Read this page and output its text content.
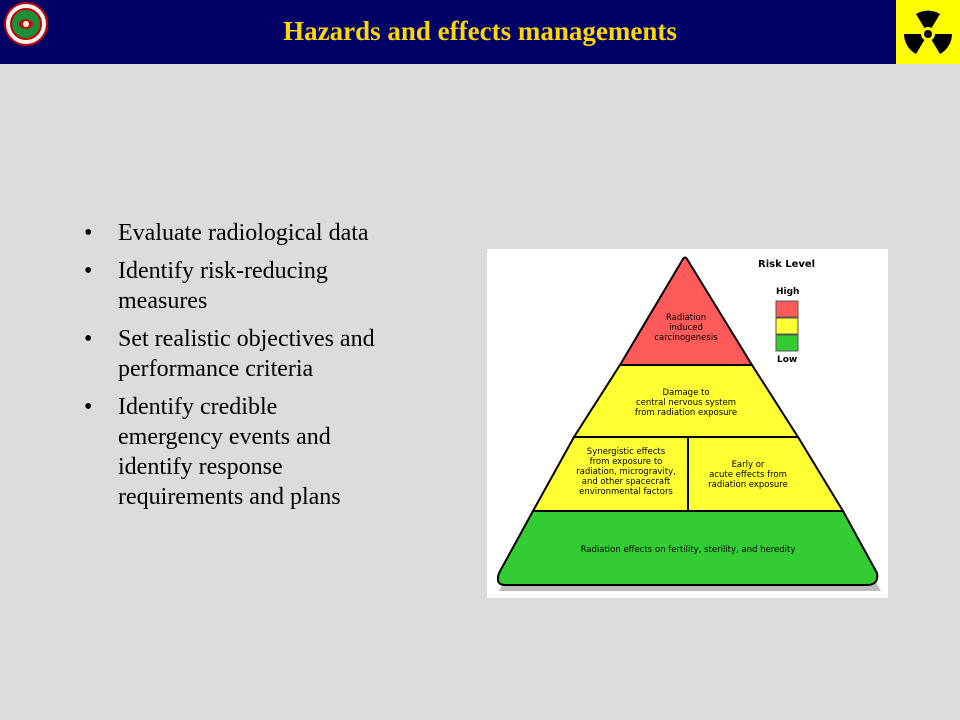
Hazards and effects managements
• Evaluate radiological data
• Identify risk-reducing
measures
• Set realistic objectives and
performance criteria
• Identify credible
emergency events and
identify response
requirements and plans
Radiation
induced
carcinogenesis
Damage to
central nervous system
from radiation exposure
Synergistic effects
from exposure to
radiation, microgravity,
and other spacecraft
environmental factors
Early or
acute effects from
radiation exposure
Radiation effects on fertility, sterility, and heredity
Risk Level
High
Low
